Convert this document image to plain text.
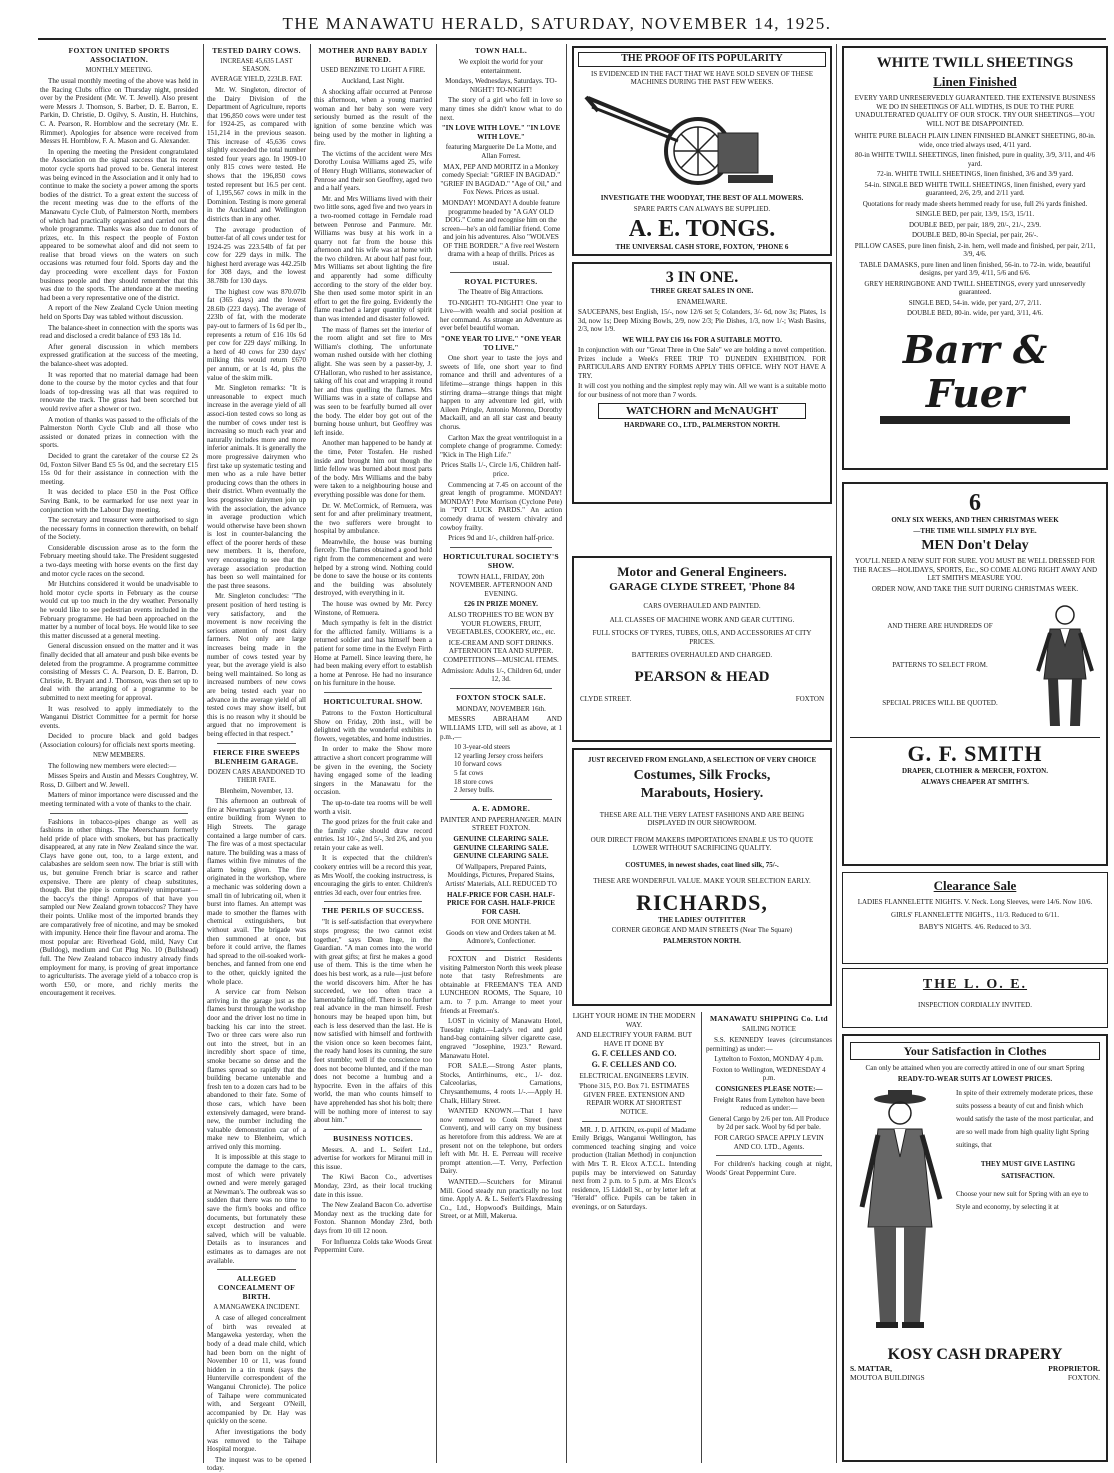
THE MANAWATU HERALD, SATURDAY, NOVEMBER 14, 1925.
FOXTON UNITED SPORTS ASSOCIATION.
MONTHLY MEETING.

The usual monthly meeting of the above was held in the Racing Clubs office on Thursday night, presided over by the President (Mr. W. T. Jewell). Also present were Messrs J. Thomson, S. Barber, D. E. Barron, E. Parkin, D. Christie, D. Ogilvy, S. Austin, H. Hutchins, C. A. Pearson, R. Hornblow and the secretary (Mr. E. Rimmer). Apologies for absence were received from Messrs H. Hornblow, F. A. Mason and G. Alexander.

In opening the meeting the President congratulated the Association on the signal success that its recent motor cycle sports had proved to be. General interest was being evinced in the Association and it only had to continue to make the society a power among the sports bodies of the district. To a great extent the success of the recent meeting was due to the efforts of the Manawatu Cycle Club, of Palmerston North, members of which had practically organised and carried out the whole programme. Thanks was also due to donors of prizes, etc. In this respect the people of Foxton appeared to be somewhat aloof and did not seem to realise that broad views on the waters on such occasions was returned four fold. Sports day and the day proceeding were excellent days for Foxton business people and they should remember that this was due to the sports. The attendance at the meeting had been a very representative one of the district.

A report of the New Zealand Cycle Union meeting held on Sports Day was tabled without discussion.

The balance-sheet in connection with the sports was read and disclosed a credit balance of £93 18s 1d.

After general discussion in which members expressed gratification at the success of the meeting, the balance-sheet was adopted.

It was reported that no material damage had been done to the course by the motor cycles and that four loads of top-dressing was all that was required to renovate the track. The grass had been scorched but would revive after a shower or two.

A motion of thanks was passed to the officials of the Palmerston North Cycle Club and all those who assisted or donated prizes in connection with the sports.

Decided to grant the caretaker of the course £2 2s 0d, Foxton Silver Band £5 5s 0d, and the secretary £15 15s 0d for their assistance in connection with the meeting.

It was decided to place £50 in the Post Office Saving Bank, to be earmarked for use next year in conjunction with the Labour Day meeting.

The secretary and treasurer were authorised to sign the necessary forms in connection therewith, on behalf of the Society.

Considerable discussion arose as to the form the February meeting should take. The President suggested a two-days meeting with horse events on the first day and motor cycle races on the second.

Mr Hutchins considered it would be unadvisable to hold motor cycle sports in February as the course would cut up too much in the dry weather. Personally he would like to see pedestrian events included in the February programme. He had been approached on the matter by a number of local boys. He would like to see this matter discussed at a general meeting.

General discussion ensued on the matter and it was finally decided that all amateur and push bike events be deleted from the programme. A programme committee consisting of Messrs C. A. Pearson, D. E. Barron, D. Christie, R. Bryant and J. Thomson, was then set up to deal with the arranging of a programme to be submitted to next meeting for approval.

It was resolved to apply immediately to the Wanganui District Committee for a permit for horse events.

Decided to procure black and gold badges (Association colours) for officials next sports meeting.

NEW MEMBERS.

The following new members were elected:—

Misses Speirs and Austin and Messrs Coughtrey, W. Ross, D. Gilbert and W. Jewell.

Matters of minor importance were discussed and the meeting terminated with a vote of thanks to the chair.

Fashions in tobacco-pipes change as well as fashions in other things. The Meerschaum formerly held pride of place with smokers, but has practically disappeared, at any rate in New Zealand since the war. Clays have gone out, too, to a large extent, and calabashes are seldom seen now. The briar is still with us, but genuine French briar is scarce and rather expensive. There are plenty of cheap substitutes, though. But the pipe is comparatively unimportant—the baccy's the thing! Apropos of that have you sampled our New Zealand grown tobaccos? They have their points. Unlike most of the imported brands they are comparatively free of nicotine, and may be smoked with impunity. Hence their fine flavour and aroma. The most popular are: Riverhead Gold, mild, Navy Cut (Bulldog), medium and Cut Plug No. 10 (Bullshead) full. The New Zealand tobacco industry already finds employment for many, is proving of great importance to agriculturists. The average yield of a tobacco crop is worth £50, or more, and richly merits the encouragement it receives.

TESTED DAIRY COWS.
INCREASE 45,635 LAST SEASON.
AVERAGE YIELD, 223LB. FAT.

Mr. W. Singleton, director of the Dairy Division of the Department of Agriculture, reports that 196,850 cows were under test for 1924-25, as compared with 151,214 in the previous season. This increase of 45,636 cows slightly exceeded the total number tested four years ago. In 1909-10 only 815 cows were tested. He shows that the 196,850 cows tested represent but 16.5 per cent. of 1,195,567 cows in milk in the Dominion. Testing is more general in the Auckland and Wellington districts than in any other.

The average production of butter-fat of all cows under test for 1924-25 was 223.54lb of fat per cow for 229 days in milk. The highest herd average was 442.25lb for 308 days, and the lowest 38.78lb for 130 days.

The highest cow was 870.07lb fat (365 days) and the lowest 28.6lb (223 days). The average of 223lb of fat, with the moderate pay-out to farmers of 1s 6d per lb., represents a return of £16 10s 6d per cow for 229 days' milking. In a herd of 40 cows for 230 days' milking this would return £670 per annum, or at 1s 4d, plus the value of the skim milk.

Mr. Singleton remarks: "It is unreasonable to expect much increase in the average yield of all associ-tion tested cows so long as the number of cows under test is increasing so much each year and naturally includes more and more inferior animals. It is generally the more progressive dairymen who first take up systematic testing and men who as a rule have better producing cows than the others in their district. When eventually the less progressive dairymen join up with the association, the advance in average production which would otherwise have been shown is lost in counter-balancing the effect of the poorer herds of these new members. It is, therefore, very encouraging to see that the average association production has been so well maintained for the past three seasons.

Mr. Singleton concludes: "The present position of herd testing is very satisfactory, and the movement is now receiving the serious attention of most dairy farmers. Not only are large increases being made in the number of cows tested year by year, but the average yield is also being well maintained. So long as increased numbers of new cows are being tested each year no advance in the average yield of all tested cows may show itself, but this is no reason why it should be argued that no improvement is being effected in that respect."

FIERCE FIRE SWEEPS BLENHEIM GARAGE.
DOZEN CARS ABANDONED TO THEIR FATE.

Blenheim, November, 13.

This afternoon an outbreak of fire at Newman's garage swept the entire building from Wynen to High Streets. The garage contained a large number of cars. The fire was of a most spectacular nature. The building was a mass of flames within five minutes of the alarm being given. The fire originated in the workshop, where a mechanic was soldering down a small tin of lubricating oil, when it burst into flames. An attempt was made to smother the flames with chemical extinguishers, but without avail. The brigade was then summoned at once, but before it could arrive, the flames had spread to the oil-soaked work-benches, and fanned from one end to the other, quickly ignited the whole place.

A service car from Nelson arriving in the garage just as the flames burst through the workshop door and the driver lost no time in backing his car into the street. Two or three cars were also run out into the street, but in an incredibly short space of time, smoke became so dense and the flames spread so rapidly that the building became untenable and fresh ten to a dozen cars had to be abandoned to their fate. Some of those cars, which have been extensively damaged, were brand-new, the number including the valuable demonstration car of a make new to Blenheim, which arrived only this morning.

It is impossible at this stage to compute the damage to the cars, most of which were privately owned and were merely garaged at Newman's. The outbreak was so sudden that there was no time to save the firm's books and office documents, but fortunately these except destruction and were salved, which will be valuable. Details as to insurances and estimates as to damages are not available.

ALLEGED CONCEALMENT OF BIRTH.
A MANGAWEKA INCIDENT.

A case of alleged concealment of birth was revealed at Mangaweka yesterday, when the body of a dead male child, which had been born on the night of November 10 or 11, was found hidden in a tin trunk (says the Hunterville correspondent of the Wanganui Chronicle). The police of Taihape were communicated with, and Sergeant O'Neill, accompanied by Dr. Hay was quickly on the scene.

After investigations the body was removed to the Taihape Hospital morgue.

The inquest was to be opened today.

MOTHER AND BABY BADLY BURNED.
USED BENZINE TO LIGHT A FIRE.

Auckland, Last Night.

A shocking affair occurred at Penrose this afternoon, when a young married woman and her baby son were very seriously burned as the result of the ignition of some benzine which was being used by the mother in lighting a fire.

The victims of the accident were Mrs Dorothy Louisa Williams aged 25, wife of Henry Hugh Williams, stonewacker of Penrose and their son Geoffrey, aged two and a half years.

Mr. and Mrs Williams lived with their two little sons, aged five and two years in a two-roomed cottage in Ferndale road between Penrose and Panmure. Mr. Williams was busy at his work in a quarry not far from the house this afternoon and his wife was at home with the two children. At about half past four, Mrs Williams set about lighting the fire and apparently had some difficulty according to the story of the elder boy. She then used some motor spirit in an effort to get the fire going. Evidently the flame reached a larger quantity of spirit than was intended and disaster followed.

The mass of flames set the interior of the room alight and set fire to Mrs William's clothing. The unfortunate woman rushed outside with her clothing alight. She was seen by a passer-by, J. O'Halloran, who rushed to her assistance, taking off his coat and wrapping it round her and thus quelling the flames. Mrs Williams was in a state of collapse and was seen to be fearfully burned all over the body. The elder boy got out of the burning house unhurt, but Geoffrey was left inside.

Another man happened to be handy at the time, Peter Tostafen. He rushed inside and brought him out though the little fellow was burned about most parts of the body. Mrs Williams and the baby were taken to a neighbouring house and everything possible was done for them.

Dr. W. McCormick, of Remuera, was sent for and after preliminary treatment, the two sufferers were brought to hospital by ambulance.

Meanwhile, the house was burning fiercely. The flames obtained a good hold right from the commencement and were helped by a strong wind. Nothing could be done to save the house or its contents and the building was absolutely destroyed, with everything in it.

The house was owned by Mr. Percy Winstone, of Remuera.

Much sympathy is felt in the district for the afflicted family. Williams is a returned soldier and has himself been a patient for some time in the Evelyn Firth Home at Parnell. Since leaving there, he had been making every effort to establish a home at Penrose. He had no insurance on his furniture in the house.

HORTICULTURAL SHOW.

Patrons to the Foxton Horticultural Show on Friday, 20th inst., will be delighted with the wonderful exhibits in flowers, vegetables, and home industries.

In order to make the Show more attractive a short concert programme will be given in the evening, the Society having engaged some of the leading singers in the Manawatu for the occasion.

The up-to-date tea rooms will be well worth a visit.

The good prizes for the fruit cake and the family cake should draw record entries. 1st 10/-, 2nd 5/-, 3rd 2/6, and you retain your cake as well.

It is expected that the children's cookery entries will be a record this year, as Mrs Woolf, the cooking instructress, is encouraging the girls to enter. Children's entries 3d each, over four entries free.

THE PERILS OF SUCCESS.

"It is self-satisfaction that everywhere stops progress; the two cannot exist together," says Dean Inge, in the Guardian. "A man comes into the world with great gifts; at first he makes a good use of them. This is the time when he does his best work, as a rule—just before the world discovers him. After he has succeeded, we too often trace a lamentable falling off. There is no further real advance in the man himself. Fresh honours may be heaped upon him, but each is less deserved than the last. He is now satisfied with himself and forthwith the vision once so keen becomes faint, the ready hand loses its cunning, the sure feet stumble; well if the conscience too does not become blunted, and if the man does not become a humbug and a hypocrite. Even in the affairs of this world, the man who counts himself to have apprehended has shot his bolt; there will be nothing more of interest to say about him."

BUSINESS NOTICES.

Messrs. A. and L. Seifert Ltd., advertise for workers for Miranui mill in this issue.

The Kiwi Bacon Co., advertises Monday, 23rd, as their local trucking date in this issue.

The New Zealand Bacon Co. advertise Monday next as the trucking date for Foxton. Shannon Monday 23rd, both days from 10 till 12 noon.

For Influenza Colds take Woods Great Peppermint Cure.

TOWN HALL.

We exploit the world for your entertainment.

Mondays, Wednesdays, Saturdays. TO-NIGHT! TO-NIGHT!

The story of a girl who fell in love so many times she didn't know what to do next.

"IN LOVE WITH LOVE." "IN LOVE WITH LOVE."

featuring Marguerite De La Motte, and Allan Forrest.

MAX, PEP AND MORITZ in a Monkey comedy Special: "GRIEF IN BAGDAD." "GRIEF IN BAGDAD." "Age of Oil," and Fox News. Prices as usual.

MONDAY! MONDAY! A double feature programme headed by "A GAY OLD DOG." Come and recognise him on the screen—he's an old familiar friend. Come and join his adventures. Also "WOLVES OF THE BORDER." A five reel Western drama with a heap of thrills. Prices as usual.

ROYAL PICTURES.
The Theatre of Big Attractions.

TO-NIGHT! TO-NIGHT! One year to Live—with wealth and social position at her command. As strange an Adventure as ever befel beautiful woman.

"ONE YEAR TO LIVE." "ONE YEAR TO LIVE."

One short year to taste the joys and sweets of life, one short year to find romance and thrill and adventures of a lifetime—strange things happen in this stirring drama—strange things that might happen to any adventure led girl, with Aileen Pringle, Antonio Moreno, Dorothy Mackaill, and an all star cast and beauty chorus.

Carlton Max the great ventriloquist in a complete change of programme. Comedy: "Kick in The High Life."

Prices Stalls 1/-, Circle 1/6, Children half-price.

Commencing at 7.45 on account of the great length of programme. MONDAY! MONDAY! Pete Morrison (Cyclone Pete) in "POT LUCK PARDS." An action comedy drama of western chivalry and cowboy frailty.

Prices 9d and 1/-, children half-price.

HORTICULTURAL SOCIETY'S SHOW.

TOWN HALL, FRIDAY, 20th NOVEMBER. AFTERNOON AND EVENING.

£26 IN PRIZE MONEY.

ALSO TROPHIES TO BE WON BY YOUR FLOWERS, FRUIT, VEGETABLES, COOKERY, etc., etc.

ICE-CREAM AND SOFT DRINKS. AFTERNOON TEA AND SUPPER. COMPETITIONS—MUSICAL ITEMS.

Admission: Adults 1/-, Children 6d, under 12, 3d.

FOXTON STOCK SALE.

MONDAY, NOVEMBER 16th.

MESSRS ABRAHAM AND WILLIAMS LTD, will sell as above, at 1 p.m.,—

10 3-year-old steers
12 yearling Jersey cross heifers
10 forward cows
5 fat cows
18 store cows
2 Jersey bulls.
A. E. ADMORE.

PAINTER AND PAPERHANGER. MAIN STREET FOXTON.

GENUINE CLEARING SALE. GENUINE CLEARING SALE. GENUINE CLEARING SALE.

Of Wallpapers, Prepared Paints, Mouldings, Pictures, Prepared Stains, Artists' Materials, ALL REDUCED TO

HALF-PRICE FOR CASH. HALF-PRICE FOR CASH. HALF-PRICE FOR CASH.

FOR ONE MONTH.

Goods on view and Orders taken at M. Admore's, Confectioner.

FOXTON and District Residents visiting Palmerston North this week please note that tasty Refreshments are obtainable at FREEMAN'S TEA AND LUNCHEON ROOMS, The Square, 10 a.m. to 7 p.m. Arrange to meet your friends at Freeman's.

LOST in vicinity of Manawatu Hotel, Tuesday night.—Lady's red and gold hand-bag containing silver cigarette case, engraved "Josephine, 1923." Reward. Manawatu Hotel.

FOR SALE.—Strong Aster plants, Stocks, Antirrhinums, etc., 1/- doz. Calceolarias, Carnations, Chrysanthemums, 4 roots 1/-.—Apply H. Chalk, Hillary Street.

WANTED KNOWN.—That I have now removed to Cook Street (next Convent), and will carry on my business as heretofore from this address. We are at present not on the telephone, but orders left with Mr. H. E. Perreau will receive prompt attention.—T. Verry, Perfection Dairy.

WANTED.—Scutchers for Miranui Mill. Good steady run practically no lost time. Apply A. & L. Seifert's Flaxdressing Co., Ltd., Hopwood's Buildings, Main Street, or at Mill, Makerua.

THE PROOF OF ITS POPULARITY

IS EVIDENCED IN THE FACT THAT WE HAVE SOLD SEVEN OF THESE MACHINES DURING THE PAST FEW WEEKS.

INVESTIGATE THE WOODYAT, THE BEST OF ALL MOWERS.

SPARE PARTS CAN ALWAYS BE SUPPLIED.

A. E. TONGS.

THE UNIVERSAL CASH STORE, FOXTON, 'PHONE 6

3 IN ONE.

THREE GREAT SALES IN ONE.

ENAMELWARE.

SAUCEPANS, best English, 15/-, now 12/6 set 5; Colanders, 3/- 6d, now 3s; Plates, 1s 3d, now 1s; Deep Mixing Bowls, 2/9, now 2/3; Pie Dishes, 1/3, now 1/-; Wash Basins, 2/3, now 1/9.

WE WILL PAY £16 16s FOR A SUITABLE MOTTO.

In conjunction with our "Great Three in One Sale" we are holding a novel competition. Prizes include a Week's FREE TRIP TO DUNEDIN EXHIBITION. FOR PARTICULARS AND ENTRY FORMS APPLY THIS OFFICE. WHY NOT HAVE A TRY.

It will cost you nothing and the simplest reply may win. All we want is a suitable motto for our business of not more than 7 words.

WATCHORN and McNAUGHT

HARDWARE CO., LTD., PALMERSTON NORTH.

Motor and General Engineers.
GARAGE CLYDE STREET, 'Phone 84

CARS OVERHAULED AND PAINTED.

ALL CLASSES OF MACHINE WORK AND GEAR CUTTING.

FULL STOCKS OF TYRES, TUBES, OILS, AND ACCESSORIES AT CITY PRICES.

BATTERIES OVERHAULED AND CHARGED.

PEARSON & HEAD
CLYDE STREET.	FOXTON

JUST RECEIVED FROM ENGLAND, A SELECTION OF VERY CHOICE

Costumes, Silk Frocks,
Marabouts, Hosiery.

THESE ARE ALL THE VERY LATEST FASHIONS AND ARE BEING DISPLAYED IN OUR SHOWROOM.

OUR DIRECT FROM MAKERS IMPORTATIONS ENABLE US TO QUOTE LOWER WITHOUT SACRIFICING QUALITY.

COSTUMES, in newest shades, coat lined silk, 75/-.

THESE ARE WONDERFUL VALUE. MAKE YOUR SELECTION EARLY.

RICHARDS,

THE LADIES' OUTFITTER

CORNER GEORGE AND MAIN STREETS (Near The Square)

PALMERSTON NORTH.

LIGHT YOUR HOME IN THE MODERN WAY.

AND ELECTRIFY YOUR FARM. BUT HAVE IT DONE BY

G. F. CELLES AND CO.

G. F. CELLES AND CO.

ELECTRICAL ENGINEERS LEVIN.

'Phone 315, P.O. Box 71. ESTIMATES GIVEN FREE. EXTENSION AND REPAIR WORK AT SHORTEST NOTICE.

MR. J. D. AITKIN, ex-pupil of Madame Emily Briggs, Wanganui Wellington, has commenced teaching singing and voice production (Italian Method) in conjunction with Mrs T. R. Elcox A.T.C.L. Intending pupils may be interviewed on Saturday next from 2 p.m. to 5 p.m. at Mrs Elcox's residence, 15 Liddell St., or by letter left at "Herald" office. Pupils can be taken in evenings, or on Saturdays.

MANAWATU SHIPPING Co. Ltd
SAILING NOTICE

S.S. KENNEDY leaves (circumstances permitting) as under:—

Lyttelton to Foxton, MONDAY 4 p.m.

Foxton to Wellington, WEDNESDAY 4 p.m.

CONSIGNEES PLEASE NOTE:—

Freight Rates from Lyttelton have been reduced as under:—

General Cargo by 2/6 per ton. All Produce by 2d per sack. Wool by 6d per bale.

FOR CARGO SPACE APPLY LEVIN AND CO. LTD., Agents.

For children's hacking cough at night, Woods' Great Peppermint Cure.

WHITE TWILL SHEETINGS
Linen Finished

EVERY YARD UNRESERVEDLY GUARANTEED. THE EXTENSIVE BUSINESS WE DO IN SHEETINGS OF ALL WIDTHS, IS DUE TO THE PURE UNADULTERATED QUALITY OF OUR STOCK. TRY OUR SHEETINGS—YOU WILL NOT BE DISAPPOINTED.

WHITE PURE BLEACH PLAIN LINEN FINISHED BLANKET SHEETING, 80-in. wide, once tried always used, 4/11 yard.

80-in WHITE TWILL SHEETINGS, linen finished, pure in quality, 3/9, 3/11, and 4/6 yard.

72-in. WHITE TWILL SHEETINGS, linen finished, 3/6 and 3/9 yard.

54-in. SINGLE BED WHITE TWILL SHEETINGS, linen finished, every yard guaranteed, 2/6, 2/9, and 2/11 yard.

Quotations for ready made sheets hemmed ready for use, full 2¼ yards finished.

SINGLE BED, per pair, 13/9, 15/3, 15/11.

DOUBLE BED, per pair, 18/9, 20/-, 21/-, 23/9.

DOUBLE BED, 80-in Special, per pair, 26/-.

PILLOW CASES, pure linen finish, 2-in. hem, well made and finished, per pair, 2/11, 3/9, 4/6.

TABLE DAMASKS, pure linen and linen finished, 56-in. to 72-in. wide, beautiful designs, per yard 3/9, 4/11, 5/6 and 6/6.

GREY HERRINGBONE AND TWILL SHEETINGS, every yard unreservedly guaranteed.

SINGLE BED, 54-in. wide, per yard, 2/7, 2/11.

DOUBLE BED, 80-in. wide, per yard, 3/11, 4/6.

Barr & Fuer
6

ONLY SIX WEEKS, AND THEN CHRISTMAS WEEK

—THE TIME WILL SIMPLY FLY BYE.

MEN Don't Delay

YOU'LL NEED A NEW SUIT FOR SURE. YOU MUST BE WELL DRESSED FOR THE RACES—HOLIDAYS, SPORTS, Etc., SO COME ALONG RIGHT AWAY AND LET SMITH'S MEASURE YOU.

ORDER NOW, AND TAKE THE SUIT DURING CHRISTMAS WEEK.

AND THERE ARE HUNDREDS OF

PATTERNS TO SELECT FROM.

SPECIAL PRICES WILL BE QUOTED.

G. F. SMITH

DRAPER, CLOTHIER & MERCER, FOXTON.

ALWAYS CHEAPER AT SMITH'S.

Clearance Sale

LADIES FLANNELETTE NIGHTS. V. Neck. Long Sleeves, were 14/6. Now 10/6.

GIRLS' FLANNELETTE NIGHTS., 11/3. Reduced to 6/11.

BABY'S NIGHTS. 4/6. Reduced to 3/3.

THE L. O. E.

INSPECTION CORDIALLY INVITED.

Your Satisfaction in Clothes

Can only be attained when you are correctly attired in one of our smart Spring

READY-TO-WEAR SUITS AT LOWEST PRICES.

In spite of their extremely moderate prices, these suits possess a beauty of cut and finish which would satisfy the taste of the most particular, and are so well made from high quality light Spring suitings, that

THEY MUST GIVE LASTING SATISFACTION.

Choose your new suit for Spring with an eye to Style and economy, by selecting it at

KOSY CASH DRAPERY
S. MATTAR,	PROPRIETOR.
MOUTOA BUILDINGS	FOXTON.
